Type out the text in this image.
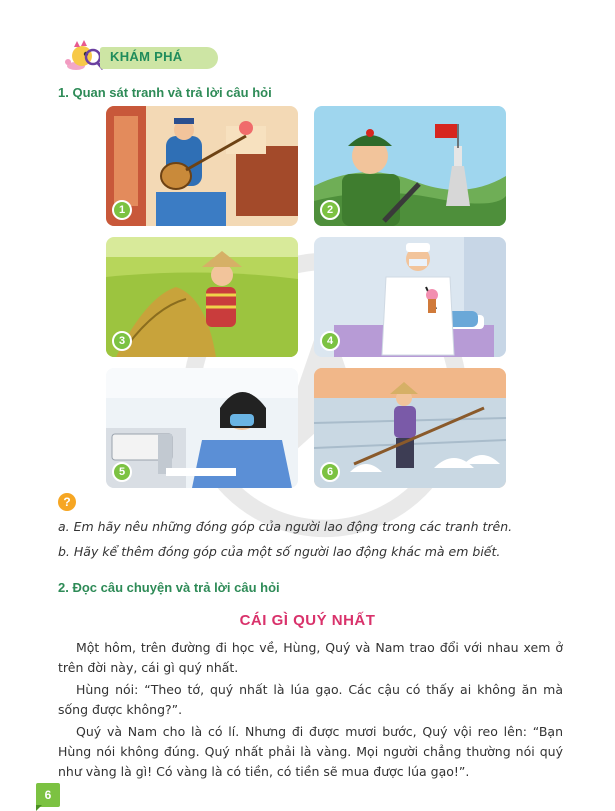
KHÁM PHÁ
1. Quan sát tranh và trả lời câu hỏi
1	2
3	4
5	6
?
a. Em hãy nêu những đóng góp của người lao động trong các tranh trên.
b. Hãy kể thêm đóng góp của một số người lao động khác mà em biết.
2. Đọc câu chuyện và trả lời câu hỏi
CÁI GÌ QUÝ NHẤT

Một hôm, trên đường đi học về, Hùng, Quý và Nam trao đổi với nhau xem ở trên đời này, cái gì quý nhất.

Hùng nói: “Theo tớ, quý nhất là lúa gạo. Các cậu có thấy ai không ăn mà sống được không?”.

Quý và Nam cho là có lí. Nhưng đi được mươi bước, Quý vội reo lên: “Bạn Hùng nói không đúng. Quý nhất phải là vàng. Mọi người chẳng thường nói quý như vàng là gì! Có vàng là có tiền, có tiền sẽ mua được lúa gạo!”.

6
